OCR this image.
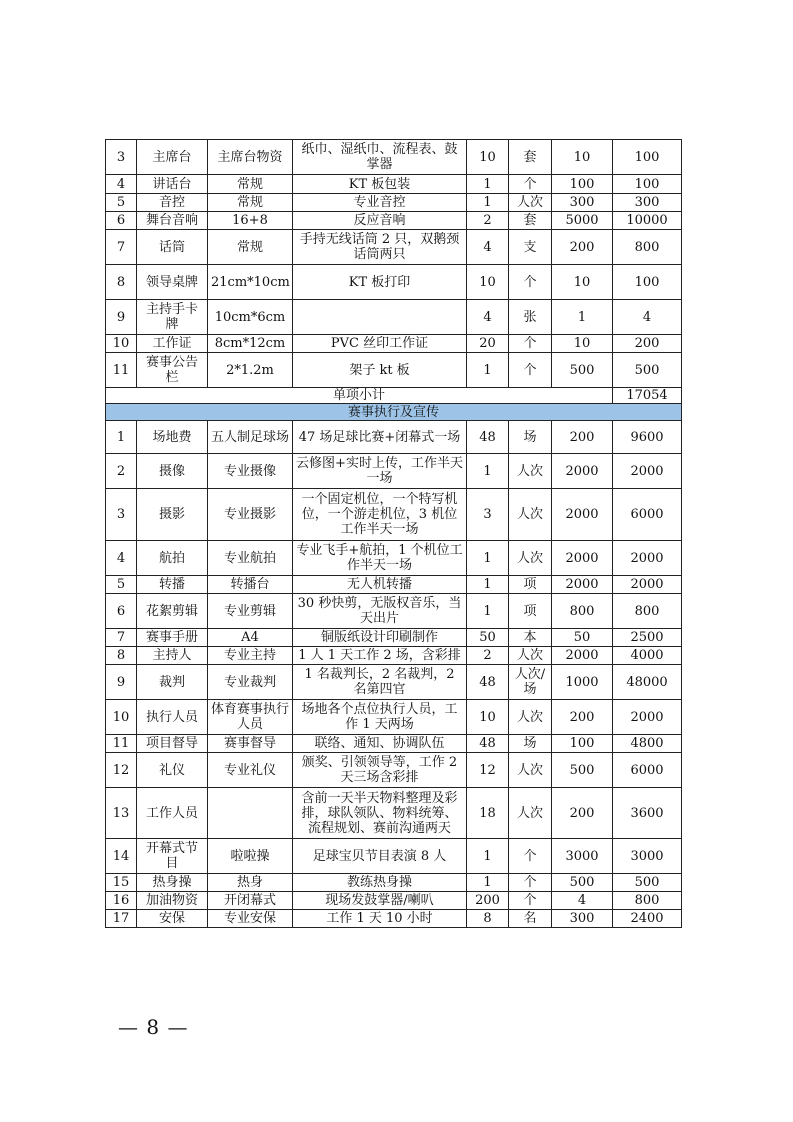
3	主席台	主席台物资	纸巾、湿纸巾、流程表、鼓掌器	10	套	10	100
4	讲话台	常规	KT 板包装	1	个	100	100
5	音控	常规	专业音控	1	人次	300	300
6	舞台音响	16+8	反应音响	2	套	5000	10000
7	话筒	常规	手持无线话筒 2 只，双鹅颈话筒两只	4	支	200	800
8	领导桌牌	21cm*10cm	KT 板打印	10	个	10	100
9	主持手卡牌	10cm*6cm		4	张	1	4
10	工作证	8cm*12cm	PVC 丝印工作证	20	个	10	200
11	赛事公告栏	2*1.2m	架子 kt 板	1	个	500	500
单项小计							17054
赛事执行及宣传							
1	场地费	五人制足球场	47 场足球比赛+闭幕式一场	48	场	200	9600
2	摄像	专业摄像	云修图+实时上传，工作半天一场	1	人次	2000	2000
3	摄影	专业摄影	一个固定机位，一个特写机位，一个游走机位，3 机位工作半天一场	3	人次	2000	6000
4	航拍	专业航拍	专业飞手+航拍，1 个机位工作半天一场	1	人次	2000	2000
5	转播	转播台	无人机转播	1	项	2000	2000
6	花絮剪辑	专业剪辑	30 秒快剪，无版权音乐，当天出片	1	项	800	800
7	赛事手册	A4	铜版纸设计印刷制作	50	本	50	2500
8	主持人	专业主持	1 人 1 天工作 2 场，含彩排	2	人次	2000	4000
9	裁判	专业裁判	1 名裁判长，2 名裁判，2 名第四官	48	人次/场	1000	48000
10	执行人员	体育赛事执行人员	场地各个点位执行人员，工作 1 天两场	10	人次	200	2000
11	项目督导	赛事督导	联络、通知、协调队伍	48	场	100	4800
12	礼仪	专业礼仪	颁奖、引领领导等，工作 2 天三场含彩排	12	人次	500	6000
13	工作人员		含前一天半天物料整理及彩排，球队领队、物料统筹、流程规划、赛前沟通两天	18	人次	200	3600
14	开幕式节目	啦啦操	足球宝贝节目表演 8 人	1	个	3000	3000
15	热身操	热身	教练热身操	1	个	500	500
16	加油物资	开闭幕式	现场发鼓掌器/喇叭	200	个	4	800
17	安保	专业安保	工作 1 天 10 小时	8	名	300	2400
— 8 —
